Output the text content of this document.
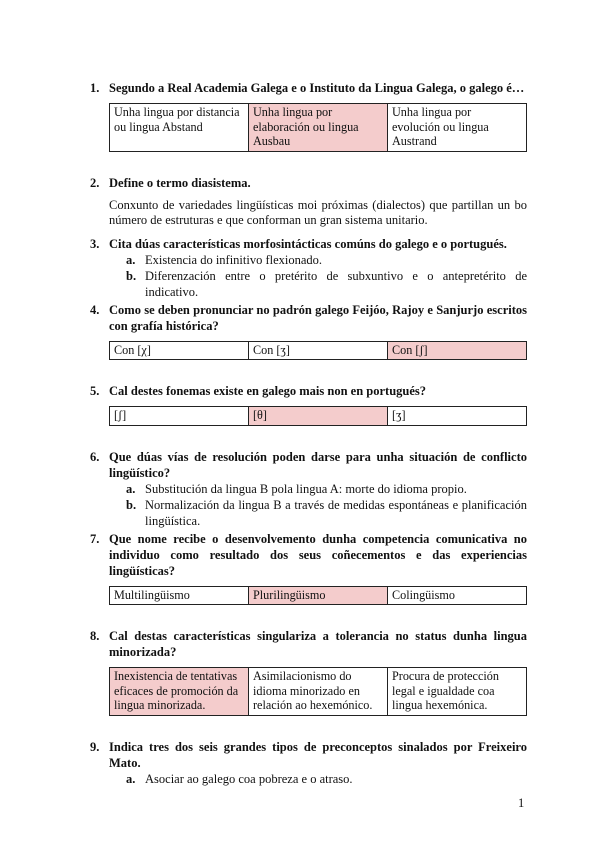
1. Segundo a Real Academia Galega e o Instituto da Lingua Galega, o galego é…
Unha lingua por distancia ou lingua Abstand	Unha lingua por elaboración ou lingua Ausbau	Unha lingua por evolución ou lingua Austrand
2. Define o termo diasistema.
Conxunto de variedades lingüísticas moi próximas (dialectos) que partillan un bo número de estruturas e que conforman un gran sistema unitario.
3. Cita dúas características morfosintácticas comúns do galego e o portugués.
a. Existencia do infinitivo flexionado.
b. Diferenzación entre o pretérito de subxuntivo e o antepretérito de indicativo.
4. Como se deben pronunciar no padrón galego Feijóo, Rajoy e Sanjurjo escritos con grafía histórica?
Con [χ]	Con [ʒ]	Con [ʃ]
5. Cal destes fonemas existe en galego mais non en portugués?
[ʃ]	[θ]	[ʒ]
6. Que dúas vías de resolución poden darse para unha situación de conflicto lingüístico?
a. Substitución da lingua B pola lingua A: morte do idioma propio.
b. Normalización da lingua B a través de medidas espontáneas e planificación lingüística.
7. Que nome recibe o desenvolvemento dunha competencia comunicativa no individuo como resultado dos seus coñecementos e das experiencias lingüísticas?
Multilingüismo	Plurilingüismo	Colingüismo
8. Cal destas características singulariza a tolerancia no status dunha lingua minorizada?
Inexistencia de tentativas eficaces de promoción da lingua minorizada.	Asimilacionismo do idioma minorizado en relación ao hexemónico.	Procura de protección legal e igualdade coa lingua hexemónica.
9. Indica tres dos seis grandes tipos de preconceptos sinalados por Freixeiro Mato.
a. Asociar ao galego coa pobreza e o atraso.
1
